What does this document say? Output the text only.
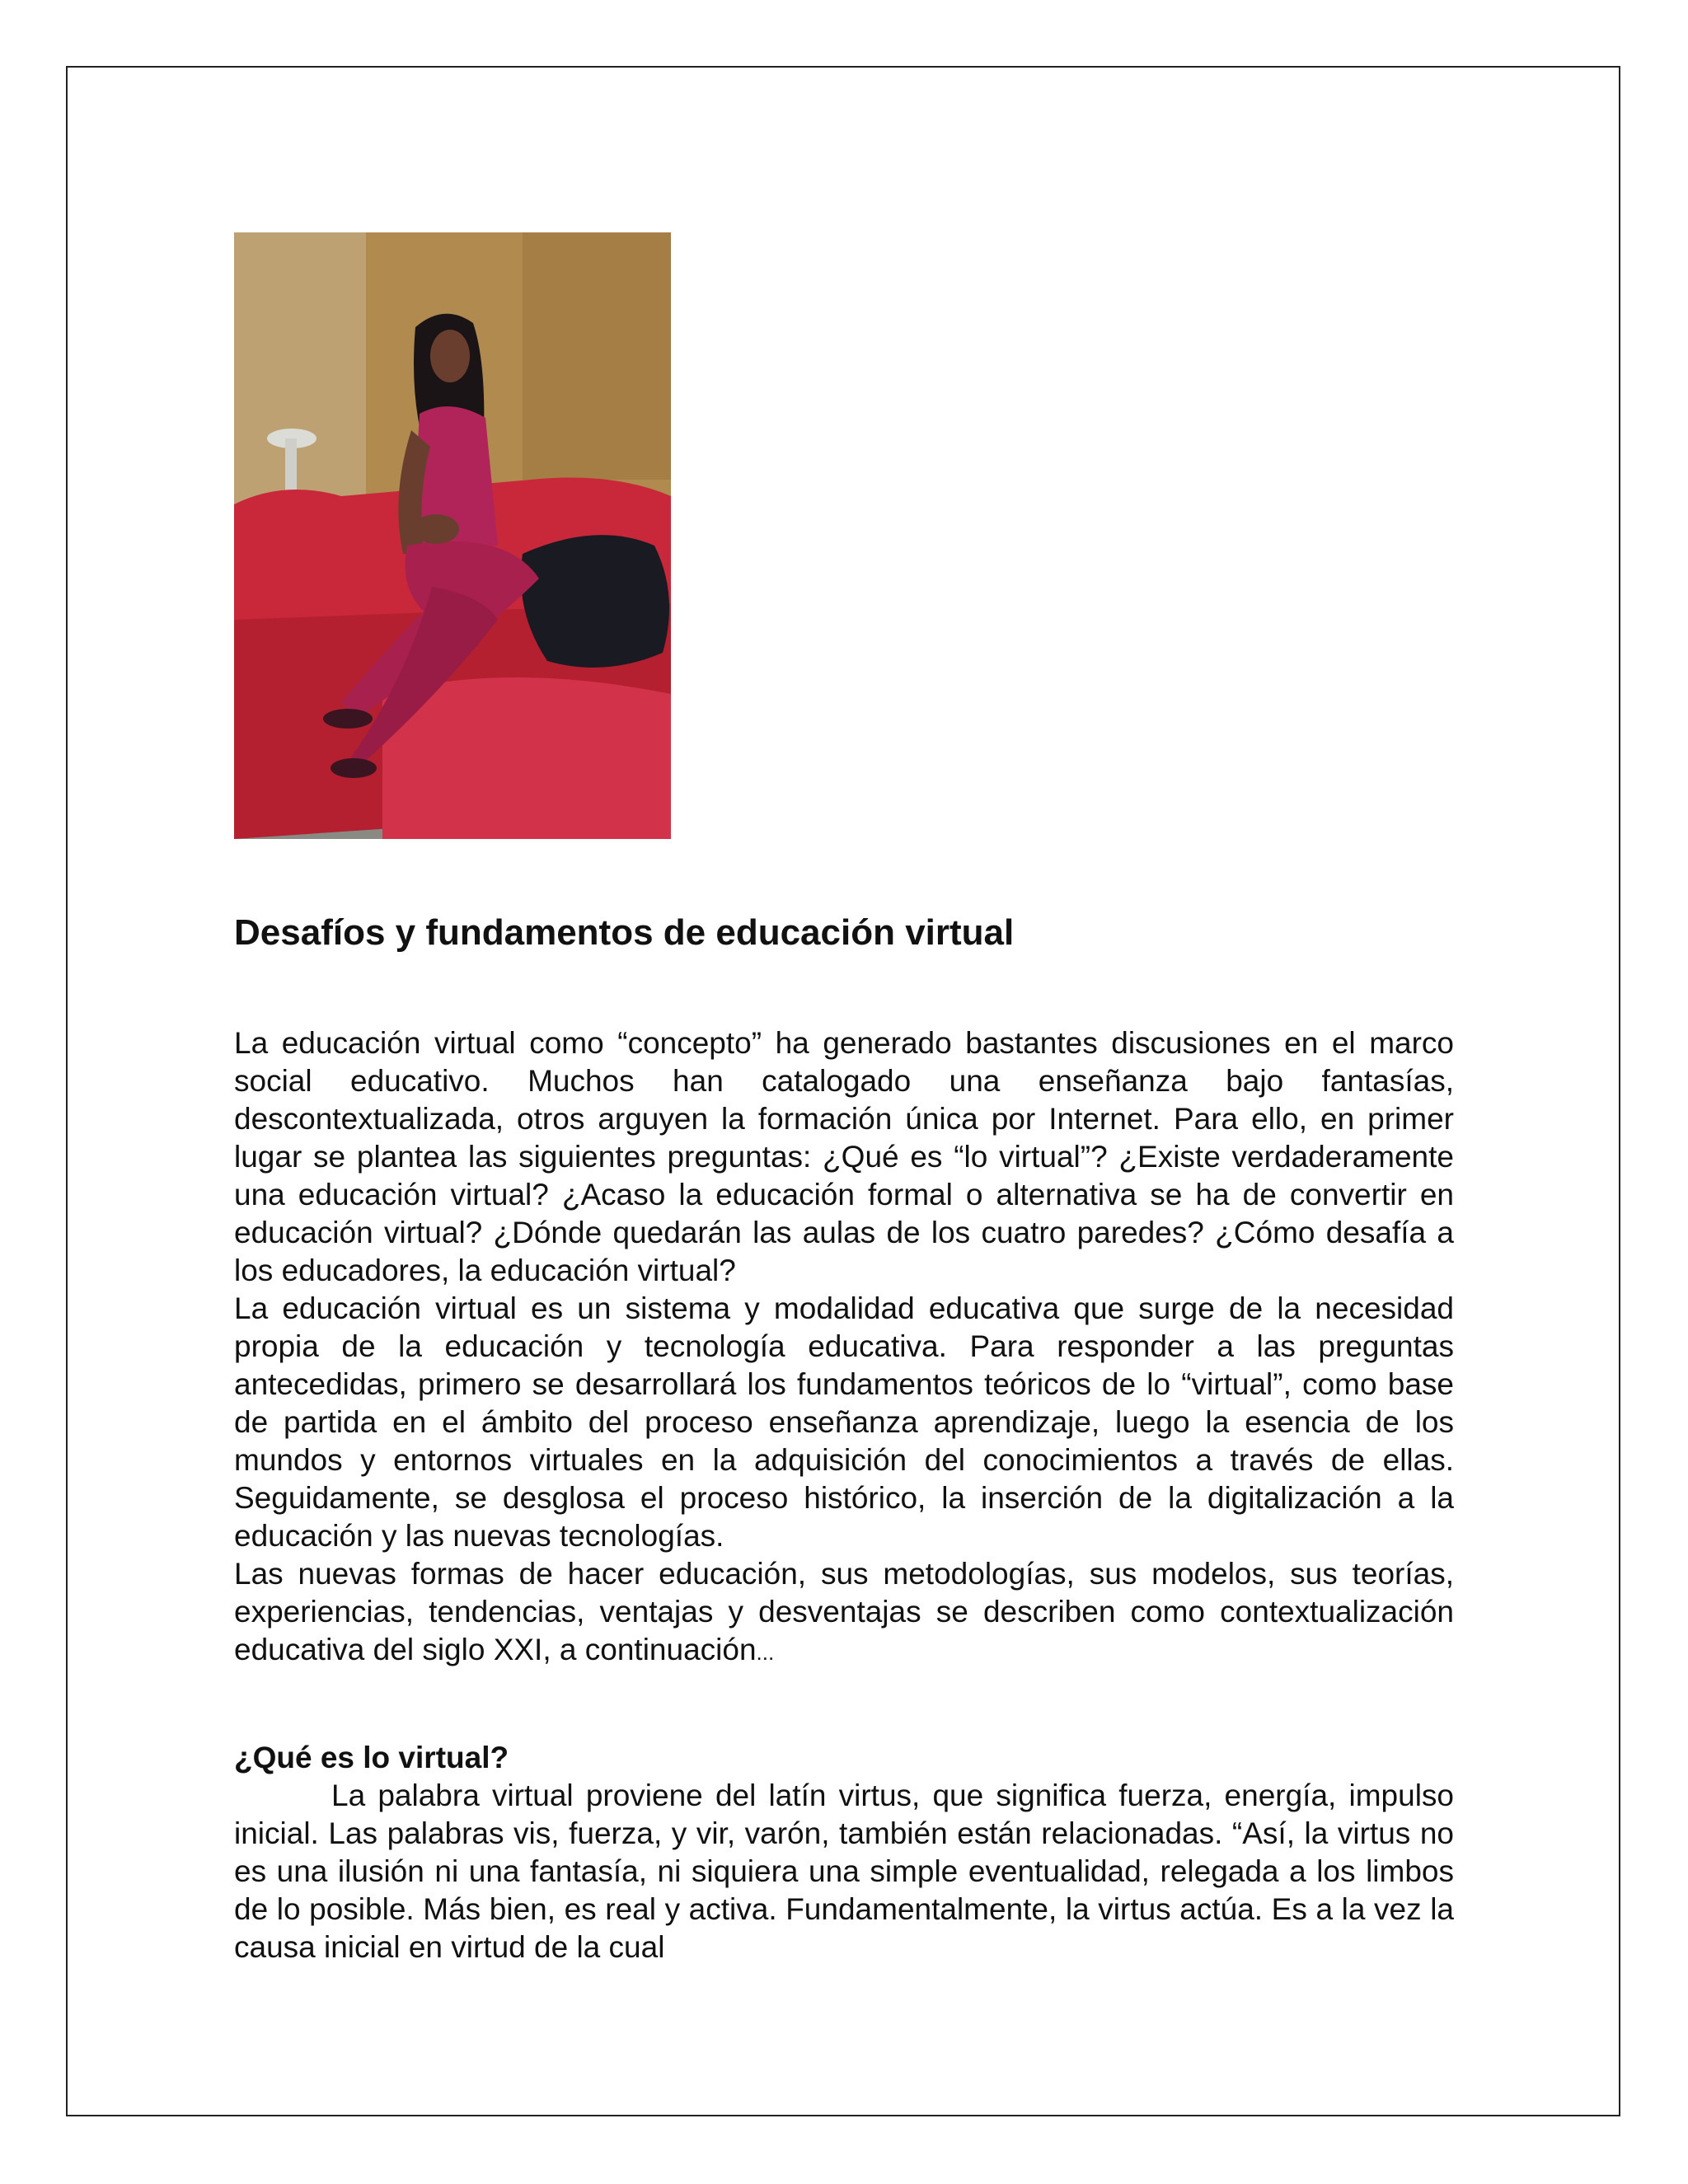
Desafíos y fundamentos de educación virtual

La educación virtual como “concepto” ha generado bastantes discusiones en el marco social educativo. Muchos han catalogado una enseñanza bajo fantasías, descontextualizada, otros arguyen la formación única por Internet. Para ello, en primer lugar se plantea las siguientes preguntas: ¿Qué es “lo virtual”? ¿Existe verdaderamente una educación virtual? ¿Acaso la educación formal o alternativa se ha de convertir en educación virtual? ¿Dónde quedarán las aulas de los cuatro paredes? ¿Cómo desafía a los educadores, la educación virtual?

La educación virtual es un sistema y modalidad educativa que surge de la necesidad propia de la educación y tecnología educativa. Para responder a las preguntas antecedidas, primero se desarrollará los fundamentos teóricos de lo “virtual”, como base de partida en el ámbito del proceso enseñanza aprendizaje, luego la esencia de los mundos y entornos virtuales en la adquisición del conocimientos a través de ellas. Seguidamente, se desglosa el proceso histórico, la inserción de la digitalización a la educación y las nuevas tecnologías.

Las nuevas formas de hacer educación, sus metodologías, sus modelos, sus teorías, experiencias, tendencias, ventajas y desventajas se describen como contextualización educativa del siglo XXI, a continuación...

¿Qué es lo virtual?

La palabra virtual proviene del latín virtus, que significa fuerza, energía, impulso inicial. Las palabras vis, fuerza, y vir, varón, también están relacionadas. “Así, la virtus no es una ilusión ni una fantasía, ni siquiera una simple eventualidad, relegada a los limbos de lo posible. Más bien, es real y activa. Fundamentalmente, la virtus actúa. Es a la vez la causa inicial en virtud de la cual
